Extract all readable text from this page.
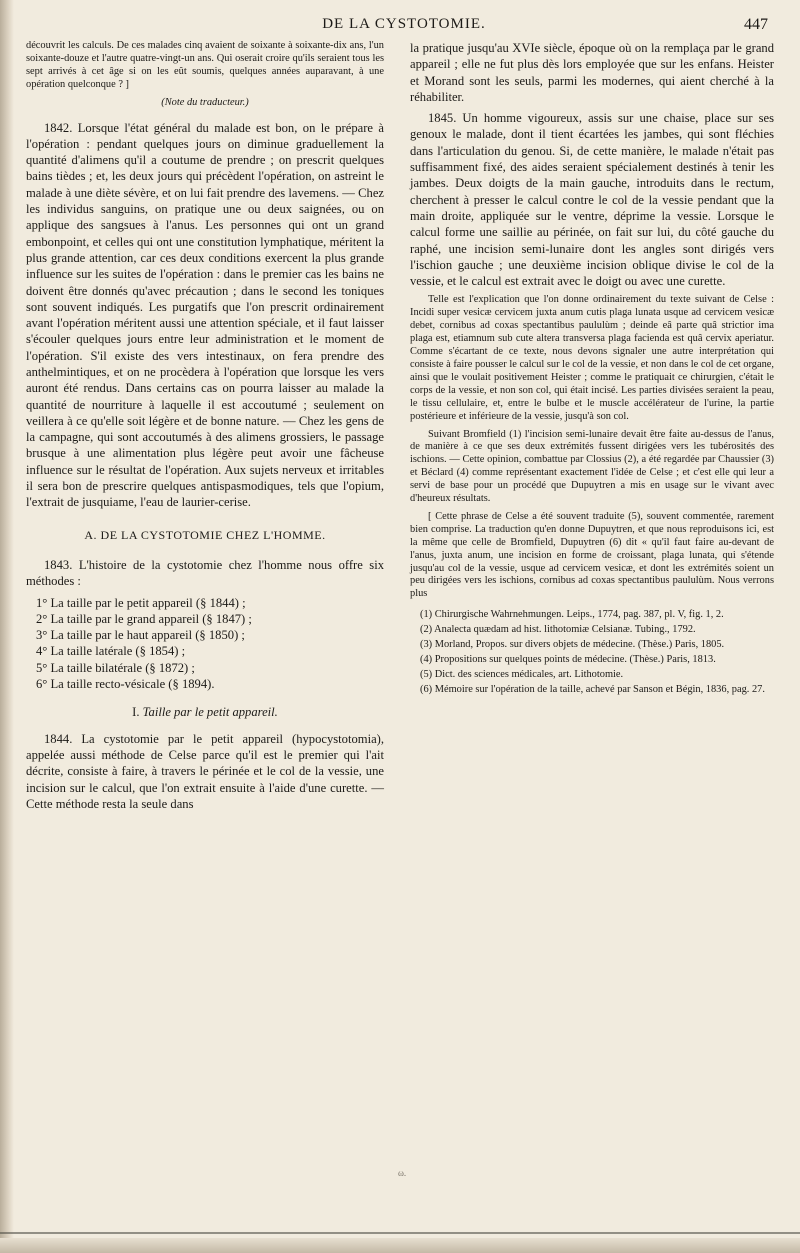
DE LA CYSTOTOMIE.	447

découvrit les calculs. De ces malades cinq avaient de soixante à soixante-dix ans, l'un soixante-douze et l'autre quatre-vingt-un ans. Qui oserait croire qu'ils seraient tous les sept arrivés à cet âge si on les eût soumis, quelques années auparavant, à une opération quelconque ? ]

(Note du traducteur.)

1842. Lorsque l'état général du malade est bon, on le prépare à l'opération : pendant quelques jours on diminue graduellement la quantité d'alimens qu'il a coutume de prendre ; on prescrit quelques bains tièdes ; et, les deux jours qui précèdent l'opération, on astreint le malade à une diète sévère, et on lui fait prendre des lavemens. — Chez les individus sanguins, on pratique une ou deux saignées, ou on applique des sangsues à l'anus. Les personnes qui ont un grand embonpoint, et celles qui ont une constitution lymphatique, méritent la plus grande attention, car ces deux conditions exercent la plus grande influence sur les suites de l'opération : dans le premier cas les bains ne doivent être donnés qu'avec précaution ; dans le second les toniques sont souvent indiqués. Les purgatifs que l'on prescrit ordinairement avant l'opération méritent aussi une attention spéciale, et il faut laisser s'écouler quelques jours entre leur administration et le moment de l'opération. S'il existe des vers intestinaux, on fera prendre des anthelmintiques, et on ne procèdera à l'opération que lorsque les vers auront été rendus. Dans certains cas on pourra laisser au malade la quantité de nourriture à laquelle il est accoutumé ; seulement on veillera à ce qu'elle soit légère et de bonne nature. — Chez les gens de la campagne, qui sont accoutumés à des alimens grossiers, le passage brusque à une alimentation plus légère peut avoir une fâcheuse influence sur le résultat de l'opération. Aux sujets nerveux et irritables il sera bon de prescrire quelques antispasmodiques, tels que l'opium, l'extrait de jusquiame, l'eau de laurier-cerise.

A. DE LA CYSTOTOMIE CHEZ L'HOMME.

1843. L'histoire de la cystotomie chez l'homme nous offre six méthodes :

1° La taille par le petit appareil (§ 1844) ;
2° La taille par le grand appareil (§ 1847) ;
3° La taille par le haut appareil (§ 1850) ;
4° La taille latérale (§ 1854) ;
5° La taille bilatérale (§ 1872) ;
6° La taille recto-vésicale (§ 1894).
I. Taille par le petit appareil.

1844. La cystotomie par le petit appareil (hypocystotomia), appelée aussi méthode de Celse parce qu'il est le premier qui l'ait décrite, consiste à faire, à travers le périnée et le col de la vessie, une incision sur le calcul, que l'on extrait ensuite à l'aide d'une curette. — Cette méthode resta la seule dans

la pratique jusqu'au XVIe siècle, époque où on la remplaça par le grand appareil ; elle ne fut plus dès lors employée que sur les enfans. Heister et Morand sont les seuls, parmi les modernes, qui aient cherché à la réhabiliter.

1845. Un homme vigoureux, assis sur une chaise, place sur ses genoux le malade, dont il tient écartées les jambes, qui sont fléchies dans l'articulation du genou. Si, de cette manière, le malade n'était pas suffisamment fixé, des aides seraient spécialement destinés à tenir les jambes. Deux doigts de la main gauche, introduits dans le rectum, cherchent à presser le calcul contre le col de la vessie pendant que la main droite, appliquée sur le ventre, déprime la vessie. Lorsque le calcul forme une saillie au périnée, on fait sur lui, du côté gauche du raphé, une incision semi-lunaire dont les angles sont dirigés vers l'ischion gauche ; une deuxième incision oblique divise le col de la vessie, et le calcul est extrait avec le doigt ou avec une curette.

Telle est l'explication que l'on donne ordinairement du texte suivant de Celse : Incidi super vesicæ cervicem juxta anum cutis plaga lunata usque ad cervicem vesicæ debet, cornibus ad coxas spectantibus paululùm ; deinde eâ parte quâ strictior ima plaga est, etiamnum sub cute altera transversa plaga facienda est quâ cervix aperiatur. Comme s'écartant de ce texte, nous devons signaler une autre interprétation qui consiste à faire pousser le calcul sur le col de la vessie, et non dans le col de cet organe, ainsi que le voulait positivement Heister ; comme le pratiquait ce chirurgien, c'était le corps de la vessie, et non son col, qui était incisé. Les parties divisées seraient la peau, le tissu cellulaire, et, entre le bulbe et le muscle accélérateur de l'urine, la partie postérieure et inférieure de la vessie, jusqu'à son col.

Suivant Bromfield (1) l'incision semi-lunaire devait être faite au-dessus de l'anus, de manière à ce que ses deux extrémités fussent dirigées vers les tubérosités des ischions. — Cette opinion, combattue par Clossius (2), a été regardée par Chaussier (3) et Béclard (4) comme représentant exactement l'idée de Celse ; et c'est elle qui leur a servi de base pour un procédé que Dupuytren a mis en usage sur le vivant avec d'heureux résultats.

[ Cette phrase de Celse a été souvent traduite (5), souvent commentée, rarement bien comprise. La traduction qu'en donne Dupuytren, et que nous reproduisons ici, est la même que celle de Bromfield, Dupuytren (6) dit « qu'il faut faire au-devant de l'anus, juxta anum, une incision en forme de croissant, plaga lunata, qui s'étende jusqu'au col de la vessie, usque ad cervicem vesicæ, et dont les extrémités soient un peu dirigées vers les ischions, cornibus ad coxas spectantibus paululùm. Nous verrons plus

(1) Chirurgische Wahrnehmungen. Leips., 1774, pag. 387, pl. V, fig. 1, 2.

(2) Analecta quædam ad hist. lithotomiæ Celsianæ. Tubing., 1792.

(3) Morland, Propos. sur divers objets de médecine. (Thèse.) Paris, 1805.

(4) Propositions sur quelques points de médecine. (Thèse.) Paris, 1813.

(5) Dict. des sciences médicales, art. Lithotomie.

(6) Mémoire sur l'opération de la taille, achevé par Sanson et Bégin, 1836, pag. 27.

ω.
